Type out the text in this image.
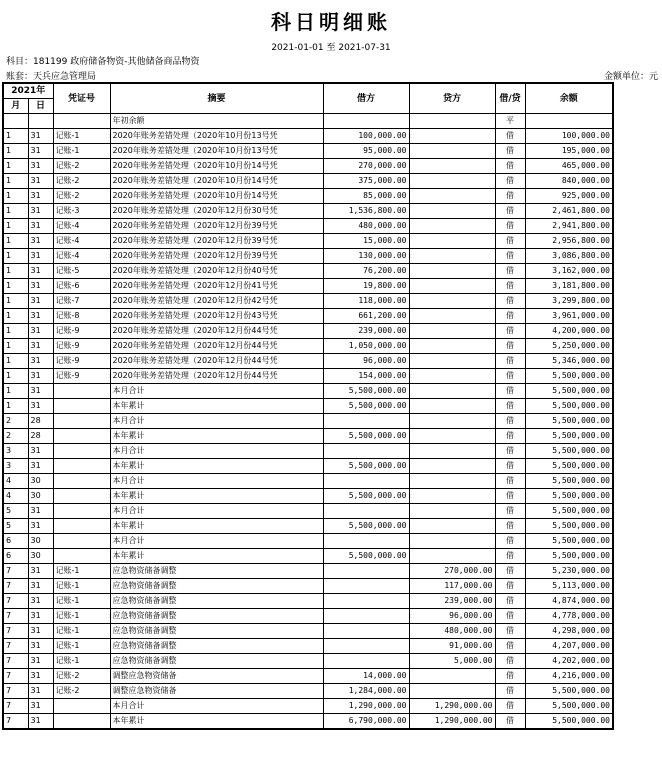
科日明细账
2021-01-01 至 2021-07-31
科目：181199 政府储备物资-其他储备商品物资
账套：天兵应急管理局	金额单位：元
2021年		凭证号	摘要	借方	贷方	借/贷	余额
月	日						
			年初余额			平	
1	31	记账-1	2020年账务差错处理（2020年10月份13号凭	100,000.00		借	100,000.00
1	31	记账-1	2020年账务差错处理（2020年10月份13号凭	95,000.00		借	195,000.00
1	31	记账-2	2020年账务差错处理（2020年10月份14号凭	270,000.00		借	465,000.00
1	31	记账-2	2020年账务差错处理（2020年10月份14号凭	375,000.00		借	840,000.00
1	31	记账-2	2020年账务差错处理（2020年10月份14号凭	85,000.00		借	925,000.00
1	31	记账-3	2020年账务差错处理（2020年12月份30号凭	1,536,800.00		借	2,461,800.00
1	31	记账-4	2020年账务差错处理（2020年12月份39号凭	480,000.00		借	2,941,800.00
1	31	记账-4	2020年账务差错处理（2020年12月份39号凭	15,000.00		借	2,956,800.00
1	31	记账-4	2020年账务差错处理（2020年12月份39号凭	130,000.00		借	3,086,800.00
1	31	记账-5	2020年账务差错处理（2020年12月份40号凭	76,200.00		借	3,162,000.00
1	31	记账-6	2020年账务差错处理（2020年12月份41号凭	19,800.00		借	3,181,800.00
1	31	记账-7	2020年账务差错处理（2020年12月份42号凭	118,000.00		借	3,299,800.00
1	31	记账-8	2020年账务差错处理（2020年12月份43号凭	661,200.00		借	3,961,000.00
1	31	记账-9	2020年账务差错处理（2020年12月份44号凭	239,000.00		借	4,200,000.00
1	31	记账-9	2020年账务差错处理（2020年12月份44号凭	1,050,000.00		借	5,250,000.00
1	31	记账-9	2020年账务差错处理（2020年12月份44号凭	96,000.00		借	5,346,000.00
1	31	记账-9	2020年账务差错处理（2020年12月份44号凭	154,000.00		借	5,500,000.00
1	31		本月合计	5,500,000.00		借	5,500,000.00
1	31		本年累计	5,500,000.00		借	5,500,000.00
2	28		本月合计			借	5,500,000.00
2	28		本年累计	5,500,000.00		借	5,500,000.00
3	31		本月合计			借	5,500,000.00
3	31		本年累计	5,500,000.00		借	5,500,000.00
4	30		本月合计			借	5,500,000.00
4	30		本年累计	5,500,000.00		借	5,500,000.00
5	31		本月合计			借	5,500,000.00
5	31		本年累计	5,500,000.00		借	5,500,000.00
6	30		本月合计			借	5,500,000.00
6	30		本年累计	5,500,000.00		借	5,500,000.00
7	31	记账-1	应急物资储备调整		270,000.00	借	5,230,000.00
7	31	记账-1	应急物资储备调整		117,000.00	借	5,113,000.00
7	31	记账-1	应急物资储备调整		239,000.00	借	4,874,000.00
7	31	记账-1	应急物资储备调整		96,000.00	借	4,778,000.00
7	31	记账-1	应急物资储备调整		480,000.00	借	4,298,000.00
7	31	记账-1	应急物资储备调整		91,000.00	借	4,207,000.00
7	31	记账-1	应急物资储备调整		5,000.00	借	4,202,000.00
7	31	记账-2	调整应急物资储备	14,000.00		借	4,216,000.00
7	31	记账-2	调整应急物资储备	1,284,000.00		借	5,500,000.00
7	31		本月合计	1,290,000.00	1,290,000.00	借	5,500,000.00
7	31		本年累计	6,790,000.00	1,290,000.00	借	5,500,000.00
